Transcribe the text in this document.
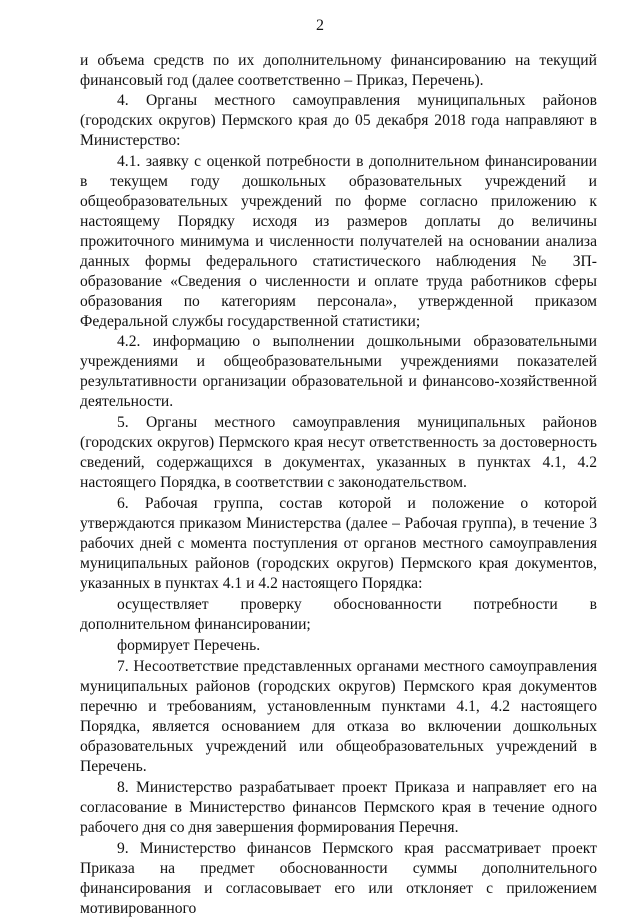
2

и объема средств по их дополнительному финансированию на текущий финансовый год (далее соответственно – Приказ, Перечень).

4. Органы местного самоуправления муниципальных районов (городских округов) Пермского края до 05 декабря 2018 года направляют в Министерство:

4.1. заявку с оценкой потребности в дополнительном финансировании в текущем году дошкольных образовательных учреждений и общеобразовательных учреждений по форме согласно приложению к настоящему Порядку исходя из размеров доплаты до величины прожиточного минимума и численности получателей на основании анализа данных формы федерального статистического наблюдения № ЗП-образование «Сведения о численности и оплате труда работников сферы образования по категориям персонала», утвержденной приказом Федеральной службы государственной статистики;

4.2. информацию о выполнении дошкольными образовательными учреждениями и общеобразовательными учреждениями показателей результативности организации образовательной и финансово-хозяйственной деятельности.

5. Органы местного самоуправления муниципальных районов (городских округов) Пермского края несут ответственность за достоверность сведений, содержащихся в документах, указанных в пунктах 4.1, 4.2 настоящего Порядка, в соответствии с законодательством.

6. Рабочая группа, состав которой и положение о которой утверждаются приказом Министерства (далее – Рабочая группа), в течение 3 рабочих дней с момента поступления от органов местного самоуправления муниципальных районов (городских округов) Пермского края документов, указанных в пунктах 4.1 и 4.2 настоящего Порядка:

осуществляет проверку обоснованности потребности в дополнительном финансировании;

формирует Перечень.

7. Несоответствие представленных органами местного самоуправления муниципальных районов (городских округов) Пермского края документов перечню и требованиям, установленным пунктами 4.1, 4.2 настоящего Порядка, является основанием для отказа во включении дошкольных образовательных учреждений или общеобразовательных учреждений в Перечень.

8. Министерство разрабатывает проект Приказа и направляет его на согласование в Министерство финансов Пермского края в течение одного рабочего дня со дня завершения формирования Перечня.

9. Министерство финансов Пермского края рассматривает проект Приказа на предмет обоснованности суммы дополнительного финансирования и согласовывает его или отклоняет с приложением мотивированного
